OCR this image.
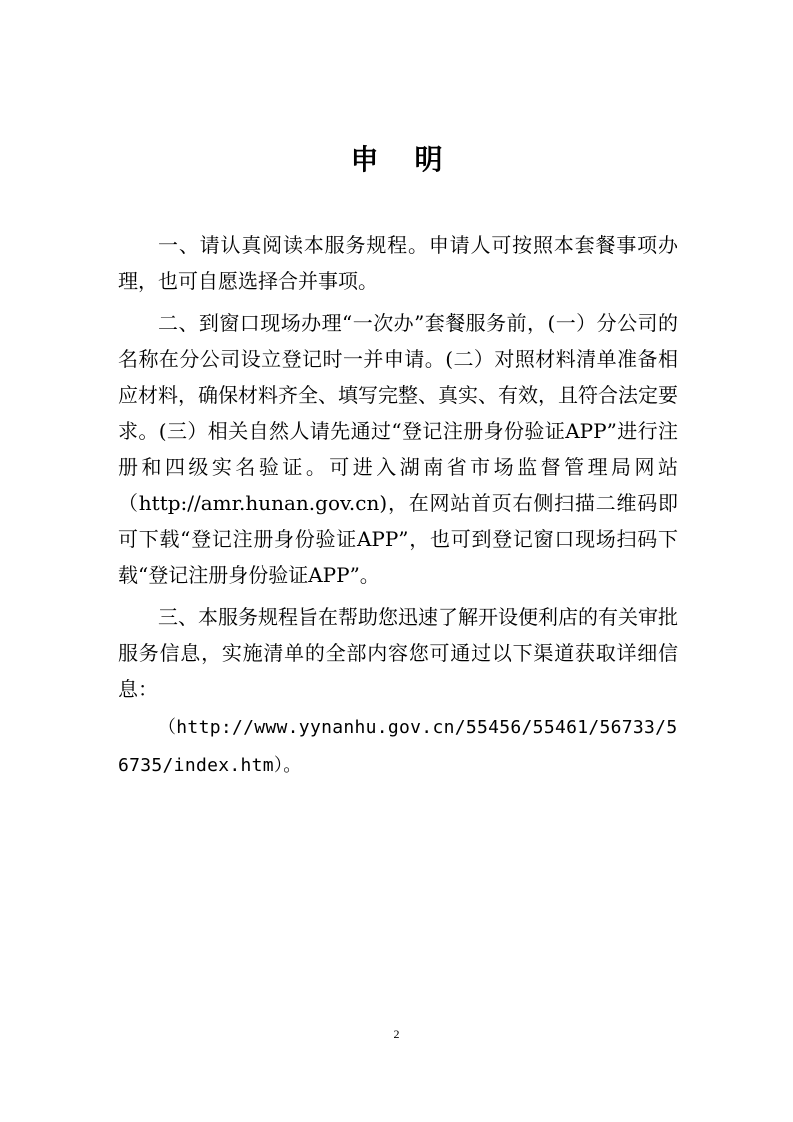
申明

一、请认真阅读本服务规程。申请人可按照本套餐事项办理，也可自愿选择合并事项。

二、到窗口现场办理“一次办”套餐服务前，(一）分公司的名称在分公司设立登记时一并申请。(二）对照材料清单准备相应材料，确保材料齐全、填写完整、真实、有效，且符合法定要求。(三）相关自然人请先通过“登记注册身份验证APP”进行注册和四级实名验证。可进入湖南省市场监督管理局网站（http://amr.hunan.gov.cn)，在网站首页右侧扫描二维码即可下载“登记注册身份验证APP”，也可到登记窗口现场扫码下载“登记注册身份验证APP”。

三、本服务规程旨在帮助您迅速了解开设便利店的有关审批服务信息，实施清单的全部内容您可通过以下渠道获取详细信息：

（http://www.yynanhu.gov.cn/55456/55461/56733/56735/index.htm）。

2
